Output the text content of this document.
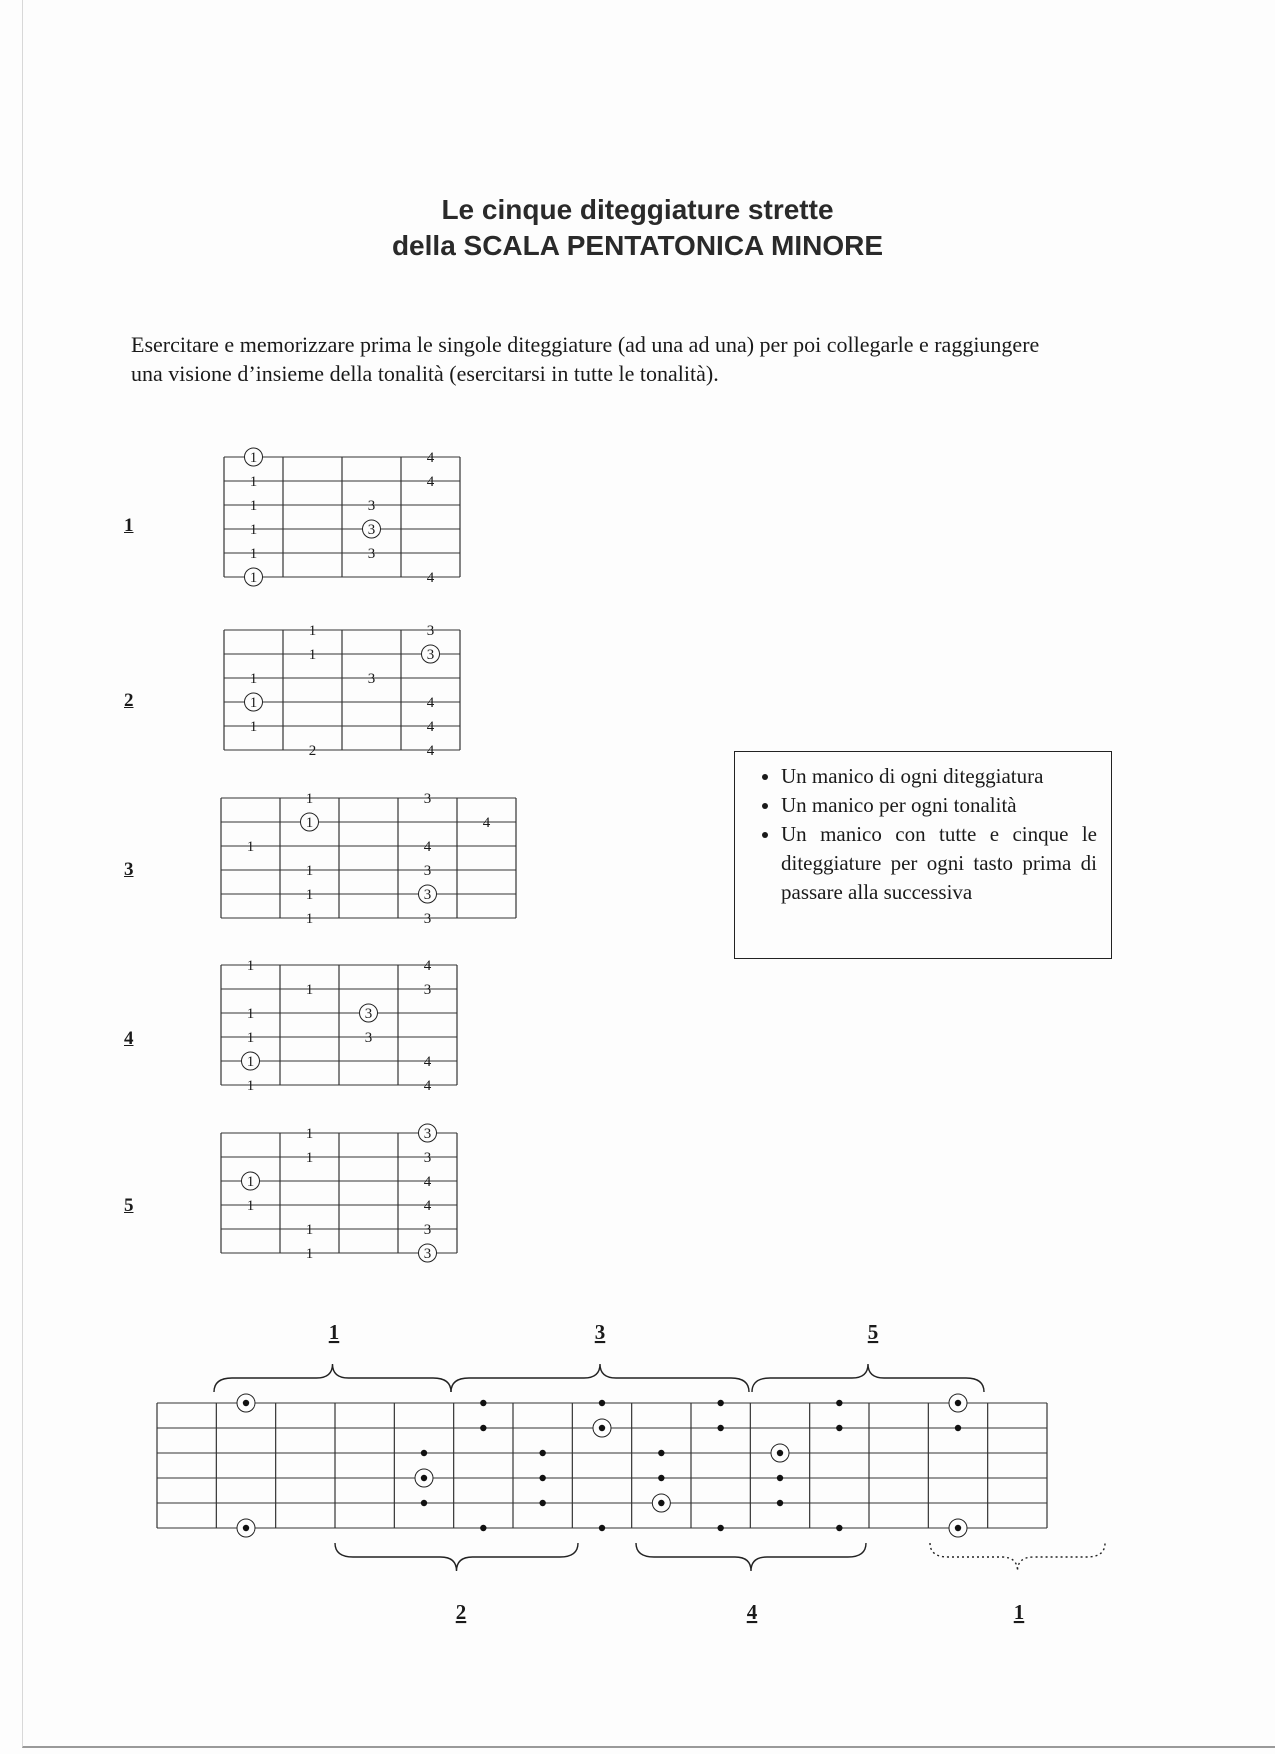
Le cinque diteggiature strette
della SCALA PENTATONICA MINORE
Esercitare e memorizzare prima le singole diteggiature (ad una ad una) per poi collegarle e raggiungere una visione d’insieme della tonalità (esercitarsi in tutte le tonalità).
1
1	4
1	4
1	3
1	3
1	3
1	4
2
1	3
1	3
1	3
1	4
1	4
2	4
3
1	3
1	4
1	4
1	3
1	3
1	3
4
1	4
1	3
1	3
1	3
1	4
1	4
5
1	3
1	3
1	4
1	4
1	3
1	3
• Un manico di ogni diteggiatura
• Un manico per ogni tonalità
• Un manico con tutte e cinque le diteggiature per ogni tasto prima di passare alla successiva
1	3	5
2	4	1
